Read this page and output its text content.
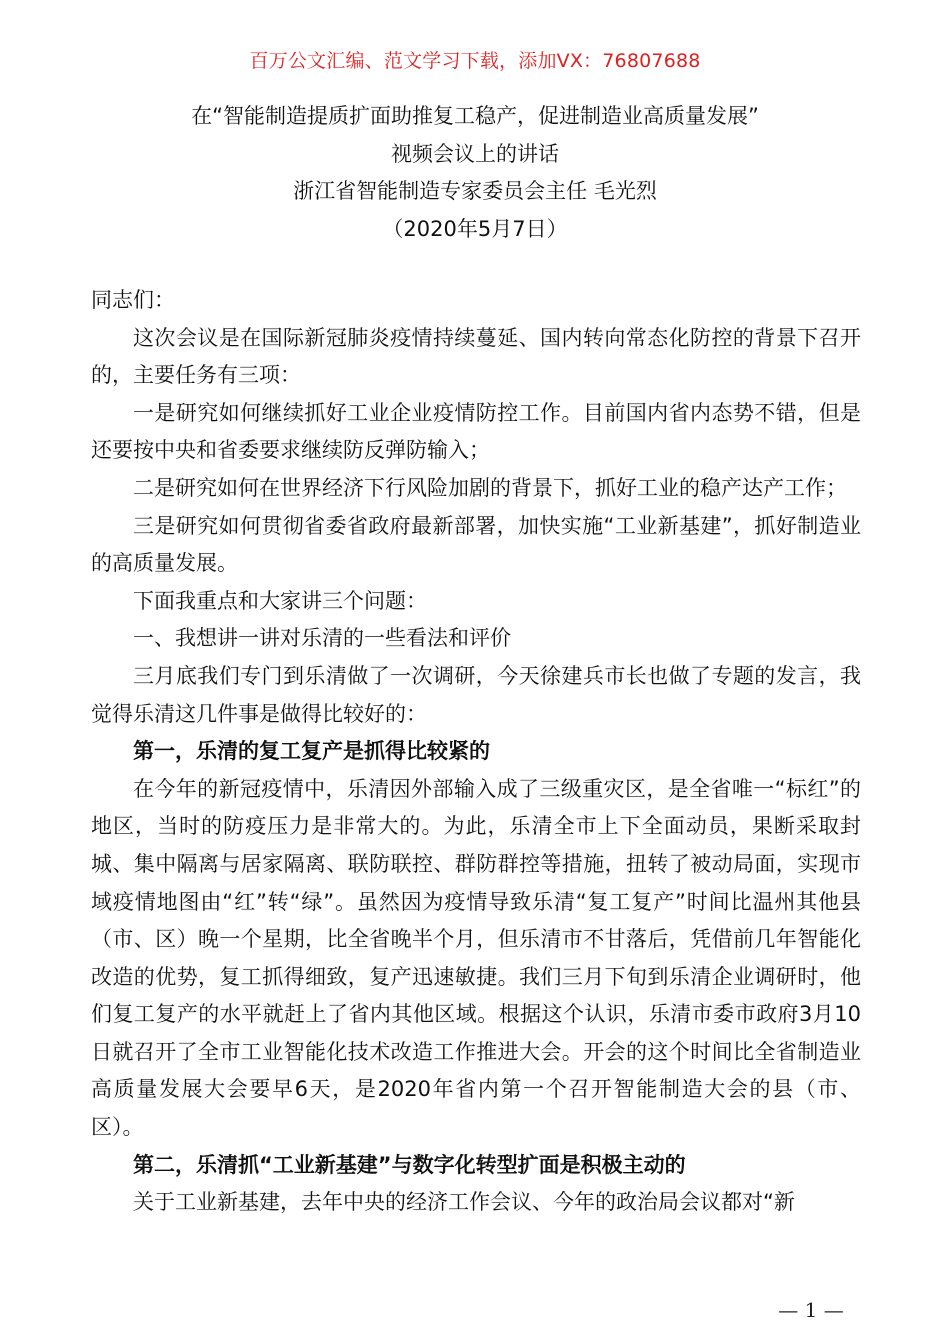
百万公文汇编、范文学习下载，添加VX：76807688
在“智能制造提质扩面助推复工稳产，促进制造业高质量发展”
视频会议上的讲话
浙江省智能制造专家委员会主任 毛光烈
（2020年5月7日）

同志们：

这次会议是在国际新冠肺炎疫情持续蔓延、国内转向常态化防控的背景下召开的，主要任务有三项：

一是研究如何继续抓好工业企业疫情防控工作。目前国内省内态势不错，但是还要按中央和省委要求继续防反弹防输入；

二是研究如何在世界经济下行风险加剧的背景下，抓好工业的稳产达产工作；

三是研究如何贯彻省委省政府最新部署，加快实施“工业新基建”，抓好制造业的高质量发展。

下面我重点和大家讲三个问题：

一、我想讲一讲对乐清的一些看法和评价

三月底我们专门到乐清做了一次调研，今天徐建兵市长也做了专题的发言，我觉得乐清这几件事是做得比较好的：

第一，乐清的复工复产是抓得比较紧的

在今年的新冠疫情中，乐清因外部输入成了三级重灾区，是全省唯一“标红”的地区，当时的防疫压力是非常大的。为此，乐清全市上下全面动员，果断采取封城、集中隔离与居家隔离、联防联控、群防群控等措施，扭转了被动局面，实现市域疫情地图由“红”转“绿”。虽然因为疫情导致乐清“复工复产”时间比温州其他县（市、区）晚一个星期，比全省晚半个月，但乐清市不甘落后，凭借前几年智能化改造的优势，复工抓得细致，复产迅速敏捷。我们三月下旬到乐清企业调研时，他们复工复产的水平就赶上了省内其他区域。根据这个认识，乐清市委市政府3月10日就召开了全市工业智能化技术改造工作推进大会。开会的这个时间比全省制造业高质量发展大会要早6天，是2020年省内第一个召开智能制造大会的县（市、区）。

第二，乐清抓“工业新基建”与数字化转型扩面是积极主动的

关于工业新基建，去年中央的经济工作会议、今年的政治局会议都对“新

— 1 —
